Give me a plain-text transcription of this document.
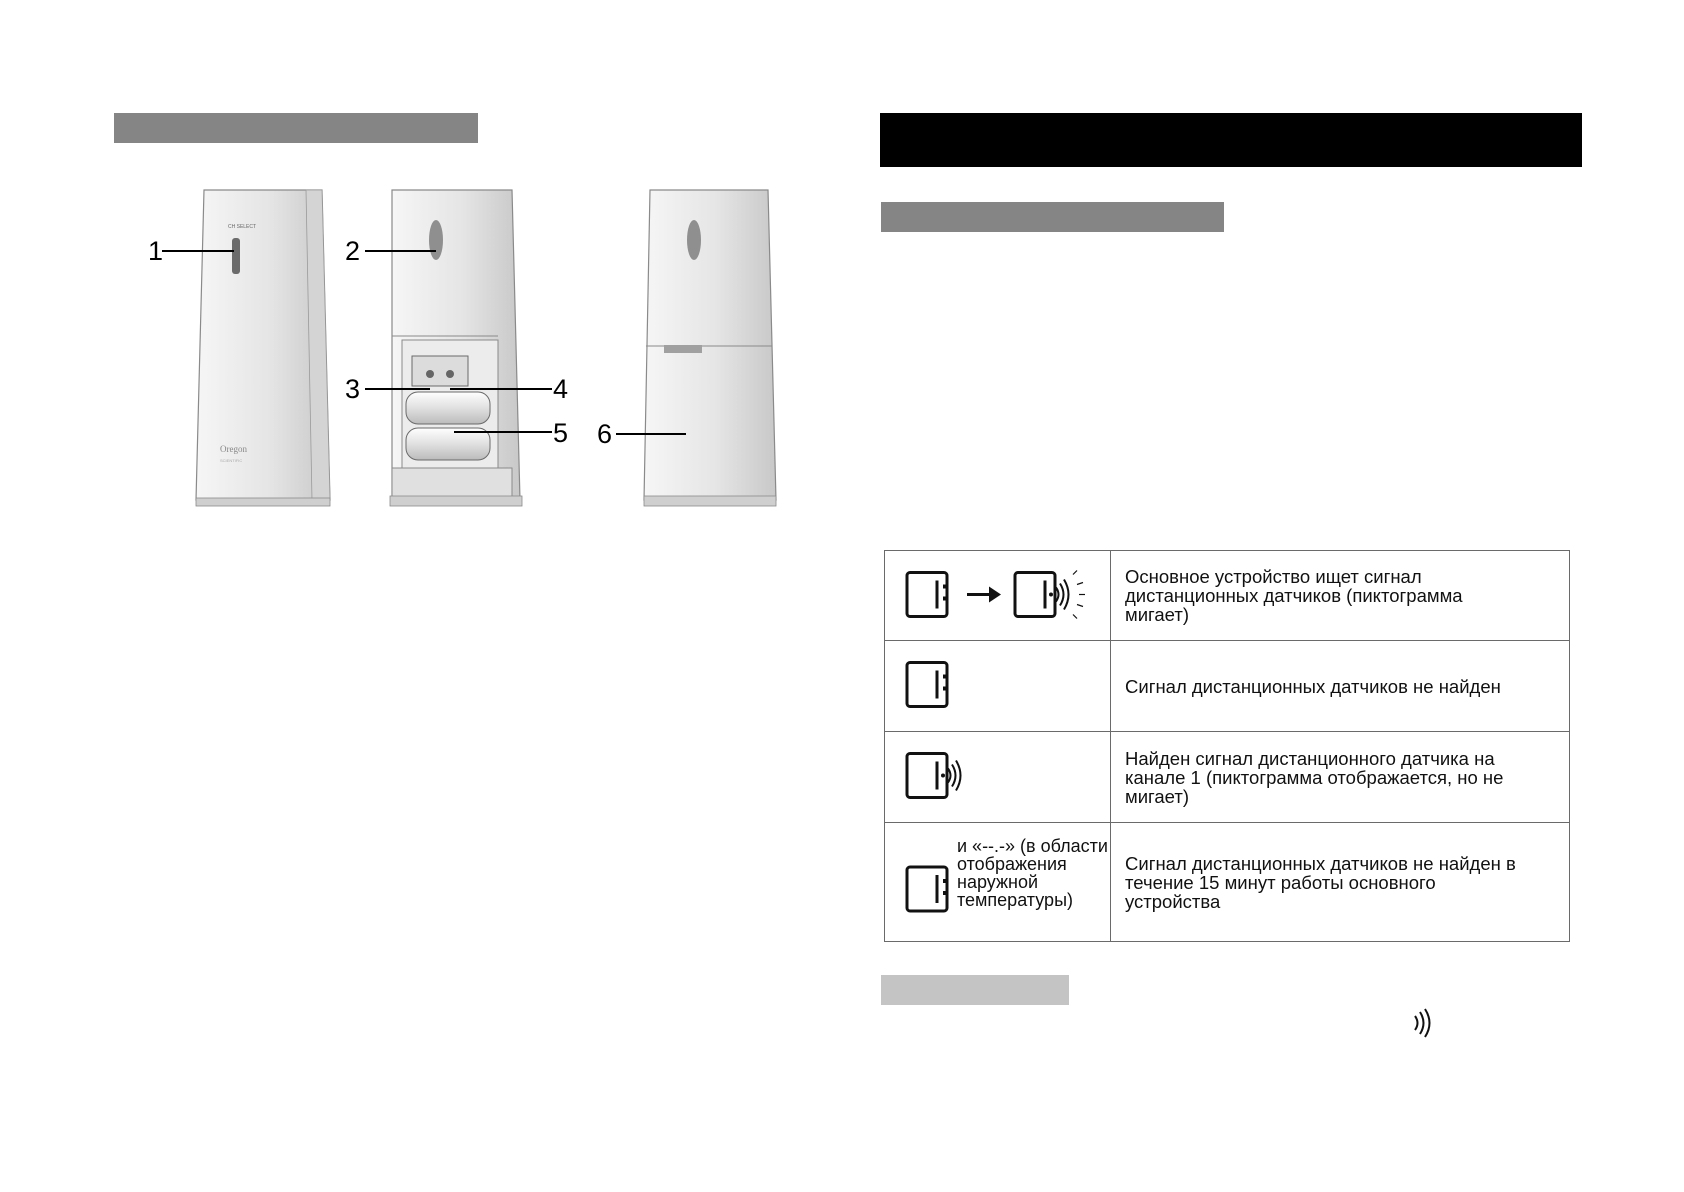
CH SELECT
Oregon
SCIENTIFIC
1	2
3	4
5 6
	Основное устройство ищет сигнал
дистанционных датчиков (пиктограмма
мигает)

	Сигнал дистанционных датчиков не найден

	Найден сигнал дистанционного датчика на
канале 1 (пиктограмма отображается, но не
мигает)

и «--.-» (в области
отображения
наружной
температуры)	Сигнал дистанционных датчиков не найден в
течение 15 минут работы основного
устройства
